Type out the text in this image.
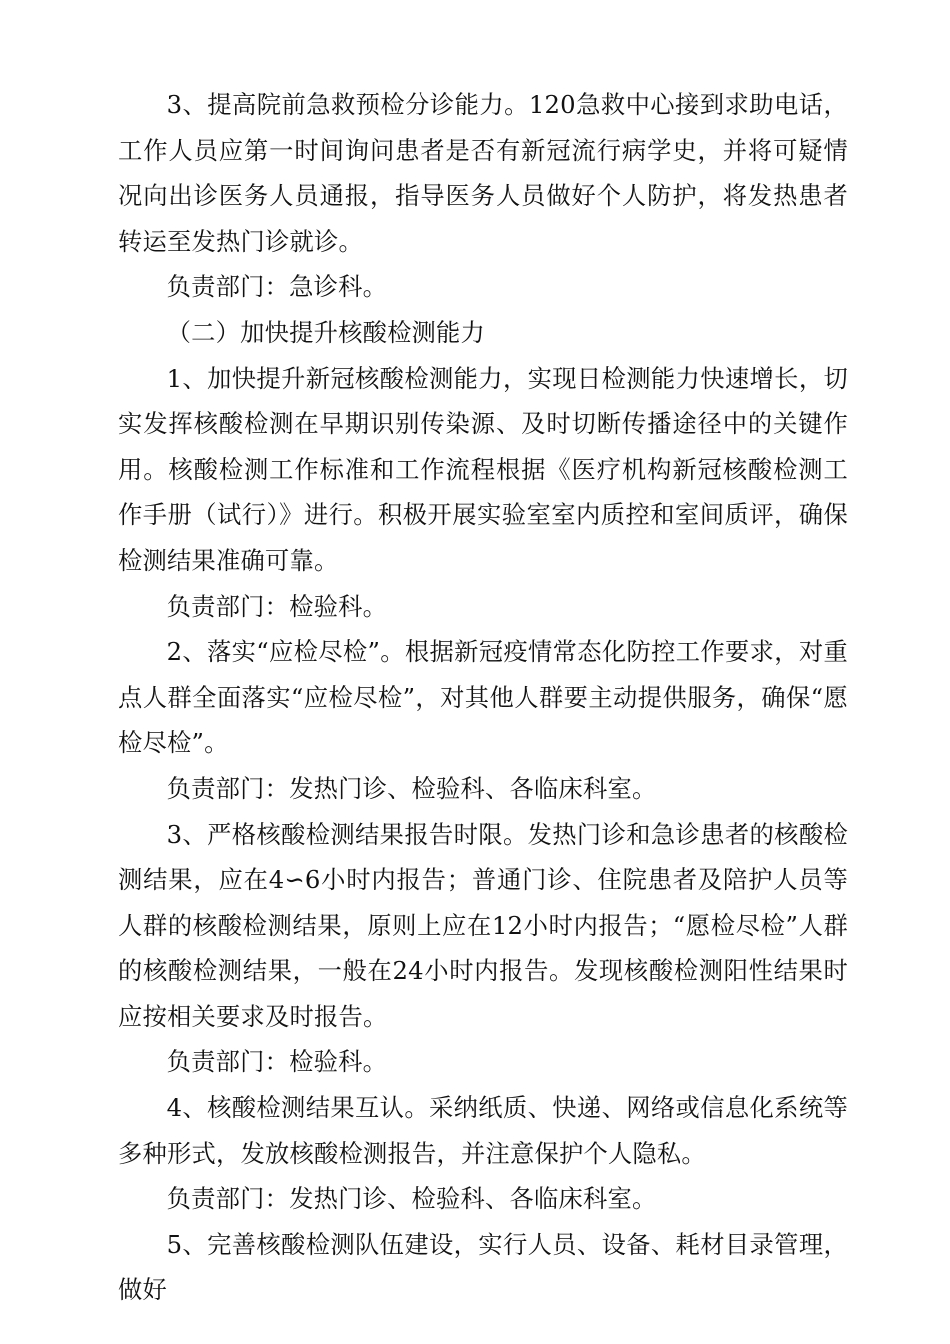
3、提高院前急救预检分诊能力。120急救中心接到求助电话，工作人员应第一时间询问患者是否有新冠流行病学史，并将可疑情况向出诊医务人员通报，指导医务人员做好个人防护，将发热患者转运至发热门诊就诊。

负责部门：急诊科。

（二）加快提升核酸检测能力

1、加快提升新冠核酸检测能力，实现日检测能力快速增长，切实发挥核酸检测在早期识别传染源、及时切断传播途径中的关键作用。核酸检测工作标准和工作流程根据《医疗机构新冠核酸检测工作手册（试行）》进行。积极开展实验室室内质控和室间质评，确保检测结果准确可靠。

负责部门：检验科。

2、落实“应检尽检”。根据新冠疫情常态化防控工作要求，对重点人群全面落实“应检尽检”，对其他人群要主动提供服务，确保“愿检尽检”。

负责部门：发热门诊、检验科、各临床科室。

3、严格核酸检测结果报告时限。发热门诊和急诊患者的核酸检测结果，应在4∽6小时内报告；普通门诊、住院患者及陪护人员等人群的核酸检测结果，原则上应在12小时内报告；“愿检尽检”人群的核酸检测结果，一般在24小时内报告。发现核酸检测阳性结果时应按相关要求及时报告。

负责部门：检验科。

4、核酸检测结果互认。采纳纸质、快递、网络或信息化系统等多种形式，发放核酸检测报告，并注意保护个人隐私。

负责部门：发热门诊、检验科、各临床科室。

5、完善核酸检测队伍建设，实行人员、设备、耗材目录管理，做好
